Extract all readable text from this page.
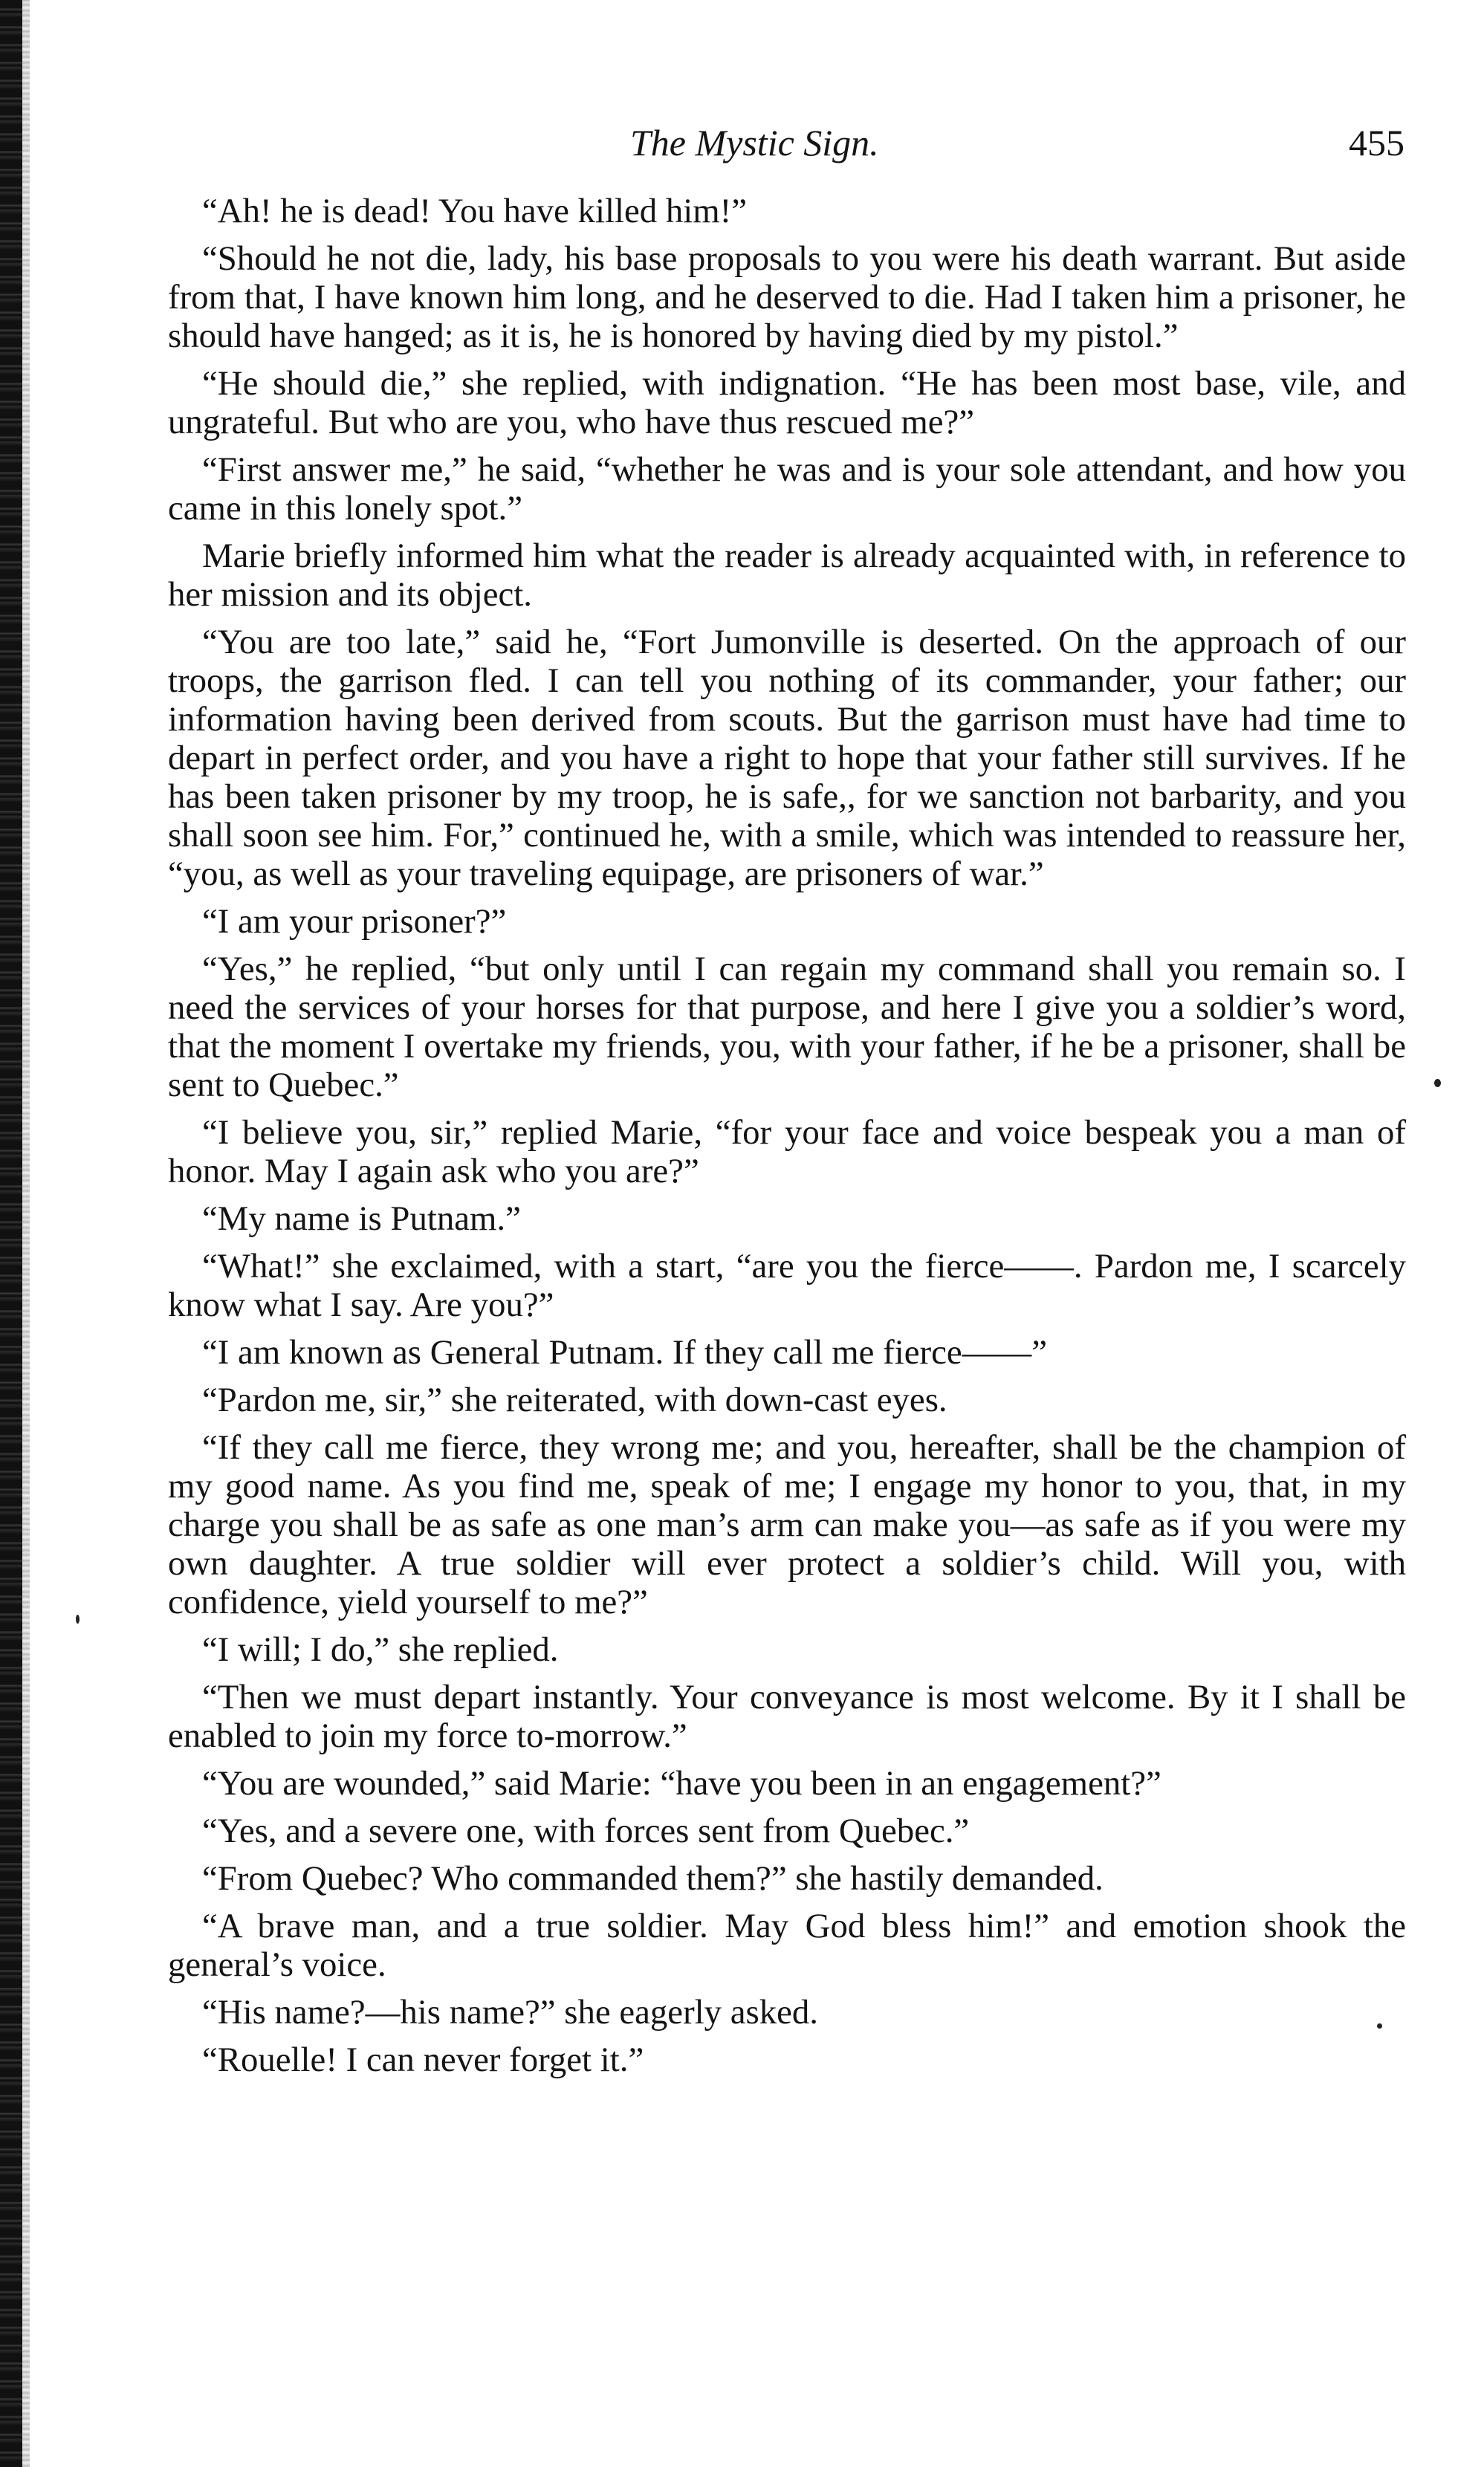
The Mystic Sign.	455

“Ah! he is dead! You have killed him!”

“Should he not die, lady, his base proposals to you were his death warrant. But aside from that, I have known him long, and he deserved to die. Had I taken him a prisoner, he should have hanged; as it is, he is honored by having died by my pistol.”

“He should die,” she replied, with indignation. “He has been most base, vile, and ungrateful. But who are you, who have thus rescued me?”

“First answer me,” he said, “whether he was and is your sole attendant, and how you came in this lonely spot.”

Marie briefly informed him what the reader is already acquainted with, in reference to her mission and its object.

“You are too late,” said he, “Fort Jumonville is deserted. On the approach of our troops, the garrison fled. I can tell you nothing of its commander, your father; our information having been derived from scouts. But the garrison must have had time to depart in perfect order, and you have a right to hope that your father still survives. If he has been taken prisoner by my troop, he is safe,, for we sanction not barbarity, and you shall soon see him. For,” continued he, with a smile, which was intended to reassure her, “you, as well as your traveling equipage, are prisoners of war.”

“I am your prisoner?”

“Yes,” he replied, “but only until I can regain my command shall you remain so. I need the services of your horses for that purpose, and here I give you a soldier’s word, that the moment I overtake my friends, you, with your father, if he be a prisoner, shall be sent to Quebec.”

“I believe you, sir,” replied Marie, “for your face and voice bespeak you a man of honor. May I again ask who you are?”

“My name is Putnam.”

“What!” she exclaimed, with a start, “are you the fierce——. Pardon me, I scarcely know what I say. Are you?”

“I am known as General Putnam. If they call me fierce——”

“Pardon me, sir,” she reiterated, with down-cast eyes.

“If they call me fierce, they wrong me; and you, hereafter, shall be the champion of my good name. As you find me, speak of me; I engage my honor to you, that, in my charge you shall be as safe as one man’s arm can make you—as safe as if you were my own daughter. A true soldier will ever protect a soldier’s child. Will you, with confidence, yield yourself to me?”

“I will; I do,” she replied.

“Then we must depart instantly. Your conveyance is most welcome. By it I shall be enabled to join my force to-morrow.”

“You are wounded,” said Marie: “have you been in an engagement?”

“Yes, and a severe one, with forces sent from Quebec.”

“From Quebec? Who commanded them?” she hastily demanded.

“A brave man, and a true soldier. May God bless him!” and emotion shook the general’s voice.

“His name?—his name?” she eagerly asked.

“Rouelle! I can never forget it.”
